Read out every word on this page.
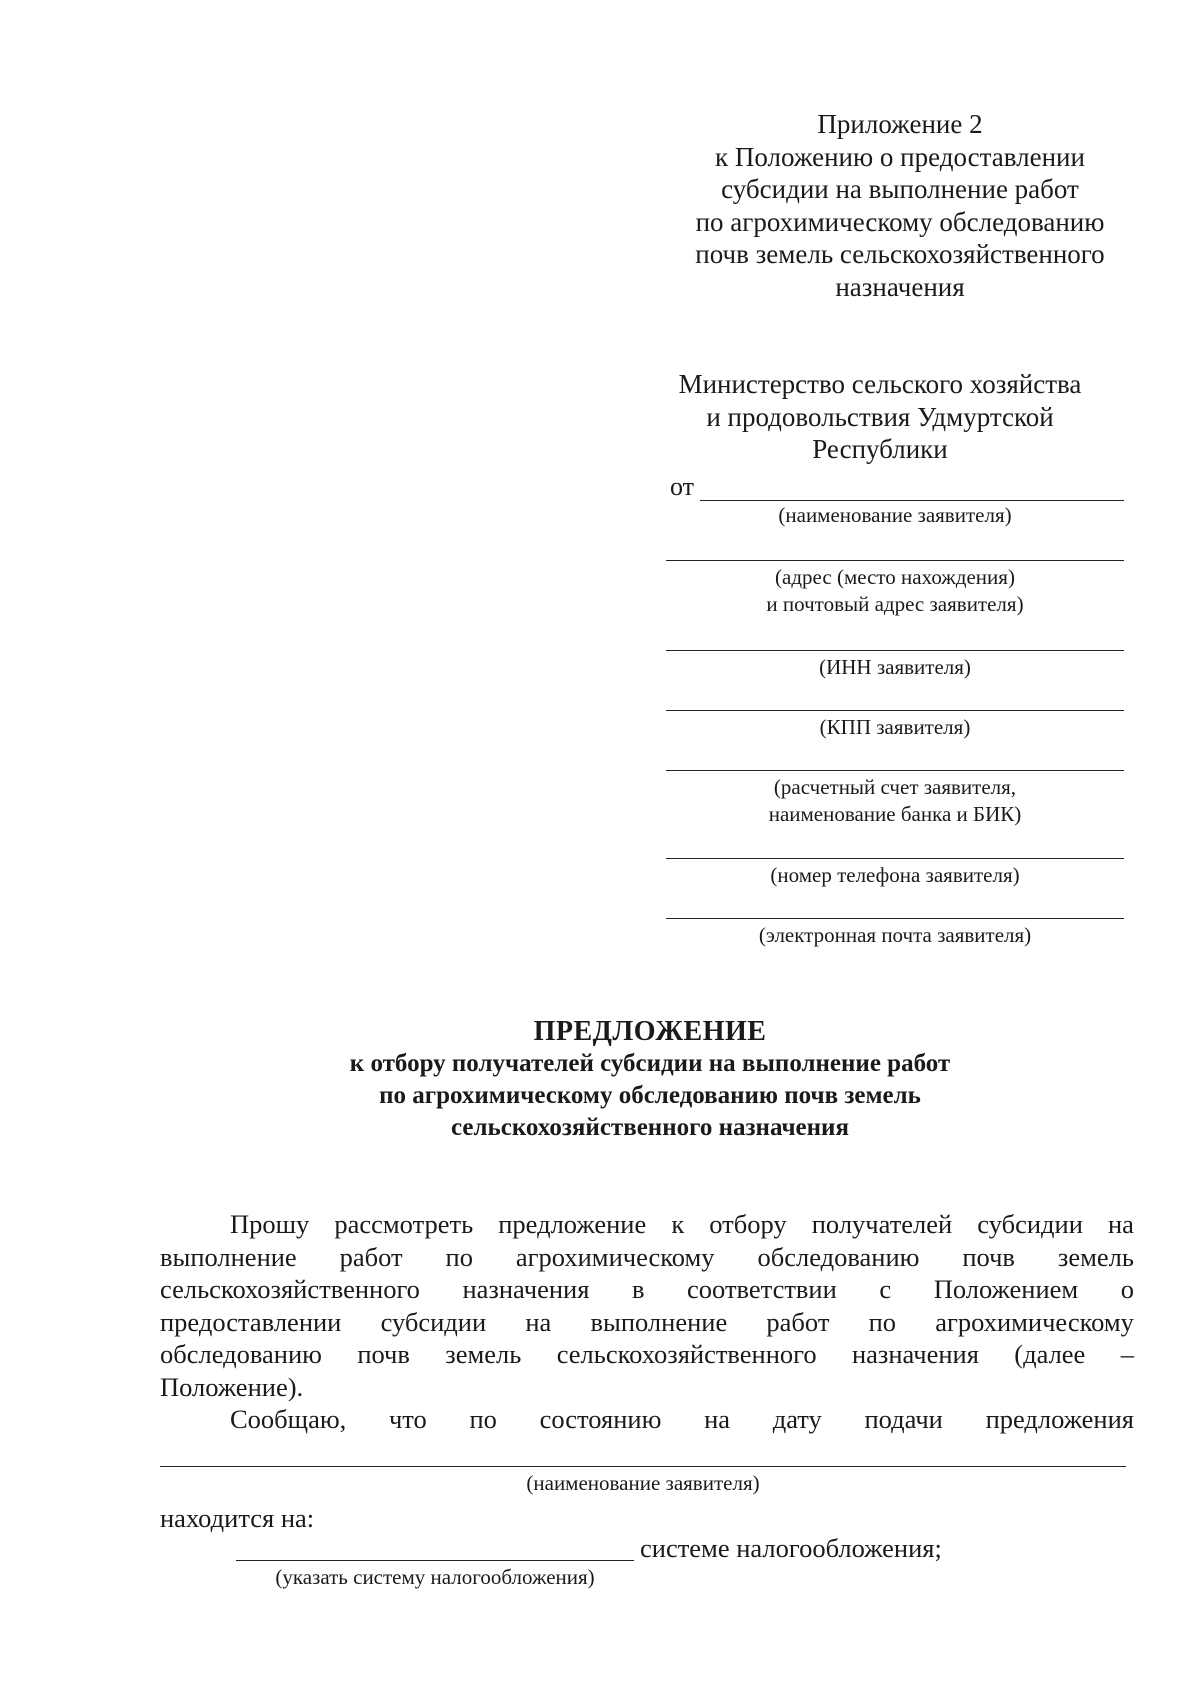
Приложение 2
к Положению о предоставлении
субсидии на выполнение работ
по агрохимическому обследованию
почв земель сельскохозяйственного
назначения
Министерство сельского хозяйства
и продовольствия Удмуртской
Республики
от
(наименование заявителя)
(адрес (место нахождения)
и почтовый адрес заявителя)
(ИНН заявителя)
(КПП заявителя)
(расчетный счет заявителя,
наименование банка и БИК)
(номер телефона заявителя)
(электронная почта заявителя)
ПРЕДЛОЖЕНИЕ
к отбору получателей субсидии на выполнение работ
по агрохимическому обследованию почв земель
сельскохозяйственного назначения
Прошу рассмотреть предложение к отбору получателей субсидии на
выполнение работ по агрохимическому обследованию почв земель
сельскохозяйственного назначения в соответствии с Положением о
предоставлении субсидии на выполнение работ по агрохимическому
обследованию почв земель сельскохозяйственного назначения (далее –
Положение).
Сообщаю, что по состоянию на дату подачи предложения
(наименование заявителя)
находится на:
системе налогообложения;
(указать систему налогообложения)
